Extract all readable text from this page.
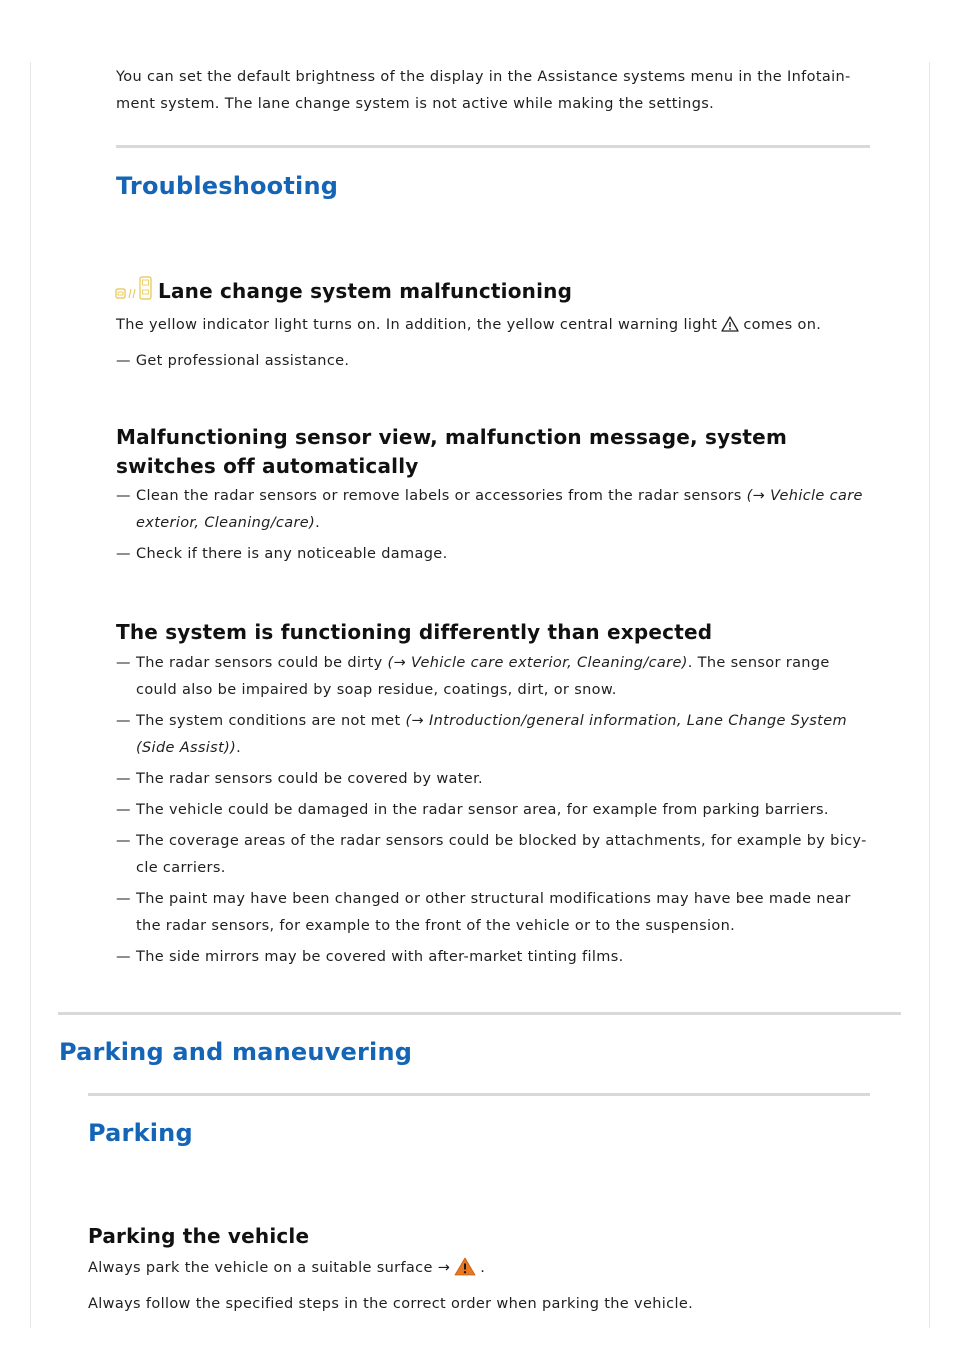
You can set the default brightness of the display in the Assistance systems menu in the Infotain-
ment system. The lane change system is not active while making the settings.
Troubleshooting
Lane change system malfunctioning
The yellow indicator light turns on. In addition, the yellow central warning light comes on.
— Get professional assistance.
Malfunctioning sensor view, malfunction message, system
switches off automatically
— Clean the radar sensors or remove labels or accessories from the radar sensors (→ Vehicle care
exterior, Cleaning/care).
— Check if there is any noticeable damage.
The system is functioning differently than expected
— The radar sensors could be dirty (→ Vehicle care exterior, Cleaning/care). The sensor range
could also be impaired by soap residue, coatings, dirt, or snow.
— The system conditions are not met (→ Introduction/general information, Lane Change System
(Side Assist)).
— The radar sensors could be covered by water.
— The vehicle could be damaged in the radar sensor area, for example from parking barriers.
— The coverage areas of the radar sensors could be blocked by attachments, for example by bicy-
cle carriers.
— The paint may have been changed or other structural modifications may have bee made near
the radar sensors, for example to the front of the vehicle or to the suspension.
— The side mirrors may be covered with after-market tinting films.
Parking and maneuvering
Parking
Parking the vehicle
Always park the vehicle on a suitable surface → .
Always follow the specified steps in the correct order when parking the vehicle.
